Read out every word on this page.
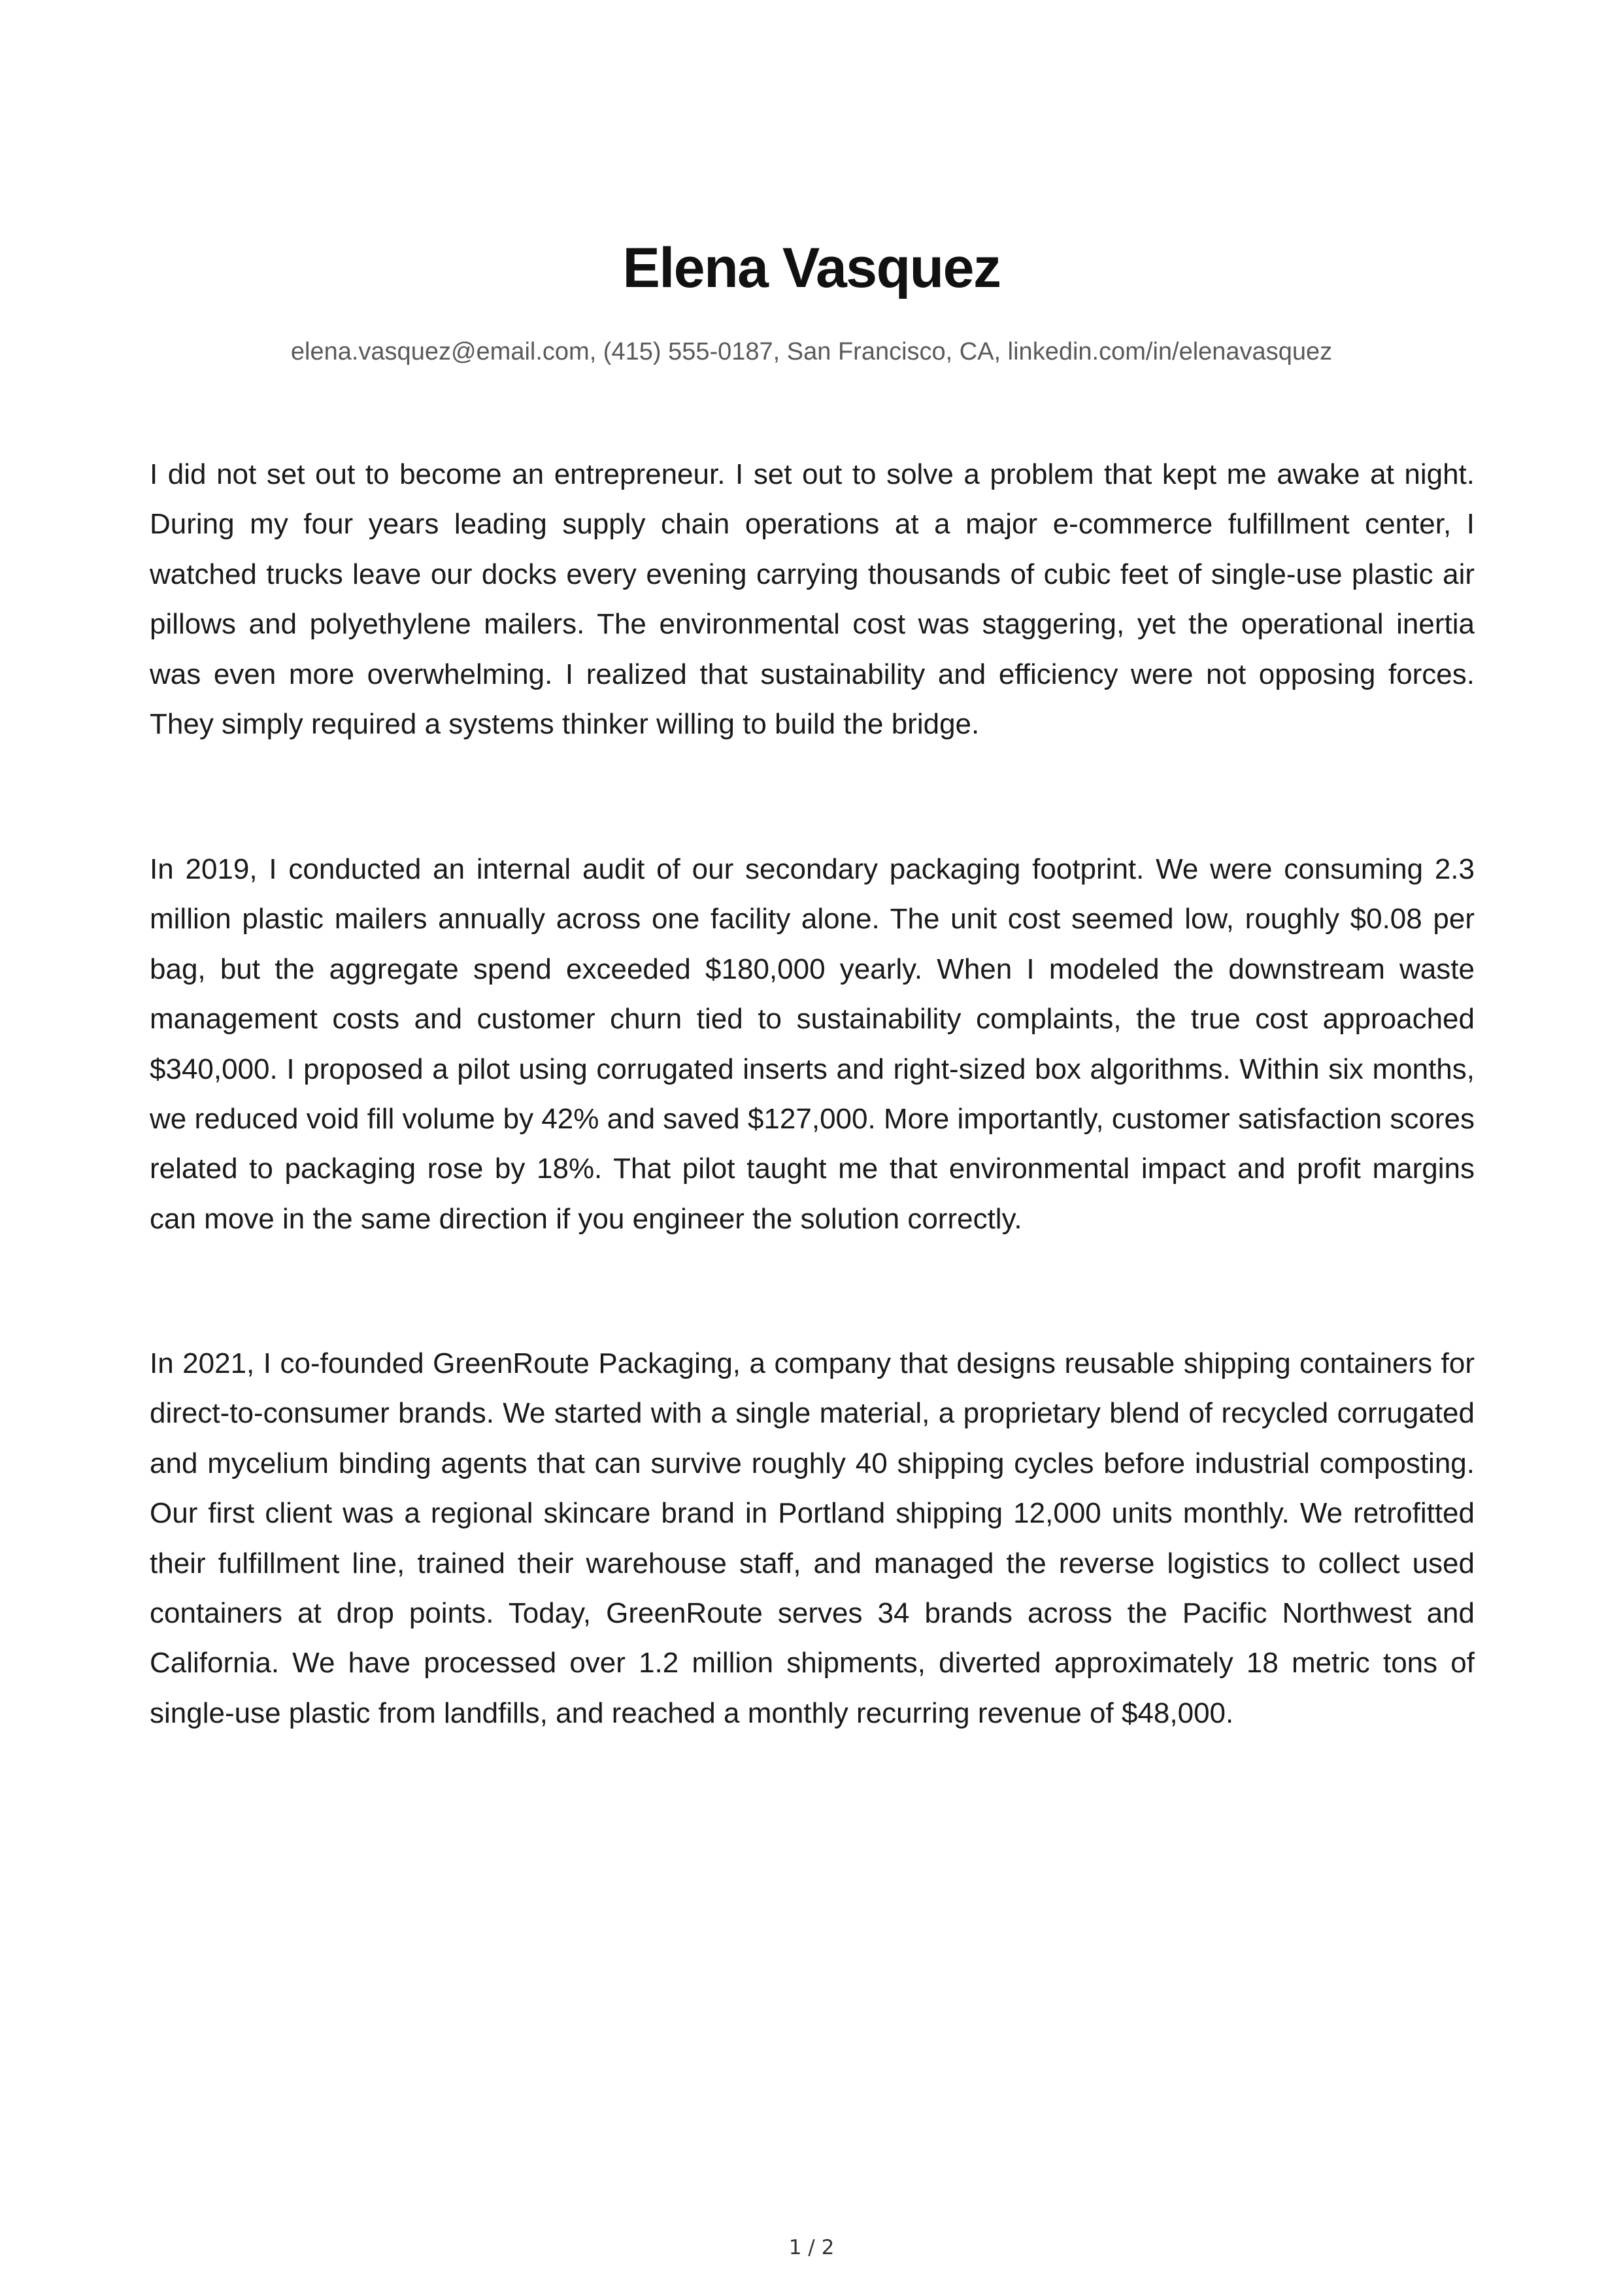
Elena Vasquez

elena.vasquez@email.com, (415) 555-0187, San Francisco, CA, linkedin.com/in/elenavasquez

I did not set out to become an entrepreneur. I set out to solve a problem that kept me awake at night. During my four years leading supply chain operations at a major e-commerce fulfillment center, I watched trucks leave our docks every evening carrying thousands of cubic feet of single-use plastic air pillows and polyethylene mailers. The environmental cost was staggering, yet the operational inertia was even more overwhelming. I realized that sustainability and efficiency were not opposing forces. They simply required a systems thinker willing to build the bridge.

In 2019, I conducted an internal audit of our secondary packaging footprint. We were consuming 2.3 million plastic mailers annually across one facility alone. The unit cost seemed low, roughly $0.08 per bag, but the aggregate spend exceeded $180,000 yearly. When I modeled the downstream waste management costs and customer churn tied to sustainability complaints, the true cost approached $340,000. I proposed a pilot using corrugated inserts and right-sized box algorithms. Within six months, we reduced void fill volume by 42% and saved $127,000. More importantly, customer satisfaction scores related to packaging rose by 18%. That pilot taught me that environmental impact and profit margins can move in the same direction if you engineer the solution correctly.

In 2021, I co-founded GreenRoute Packaging, a company that designs reusable shipping containers for direct-to-consumer brands. We started with a single material, a proprietary blend of recycled corrugated and mycelium binding agents that can survive roughly 40 shipping cycles before industrial composting. Our first client was a regional skincare brand in Portland shipping 12,000 units monthly. We retrofitted their fulfillment line, trained their warehouse staff, and managed the reverse logistics to collect used containers at drop points. Today, GreenRoute serves 34 brands across the Pacific Northwest and California. We have processed over 1.2 million shipments, diverted approximately 18 metric tons of single-use plastic from landfills, and reached a monthly recurring revenue of $48,000.

1 / 2
